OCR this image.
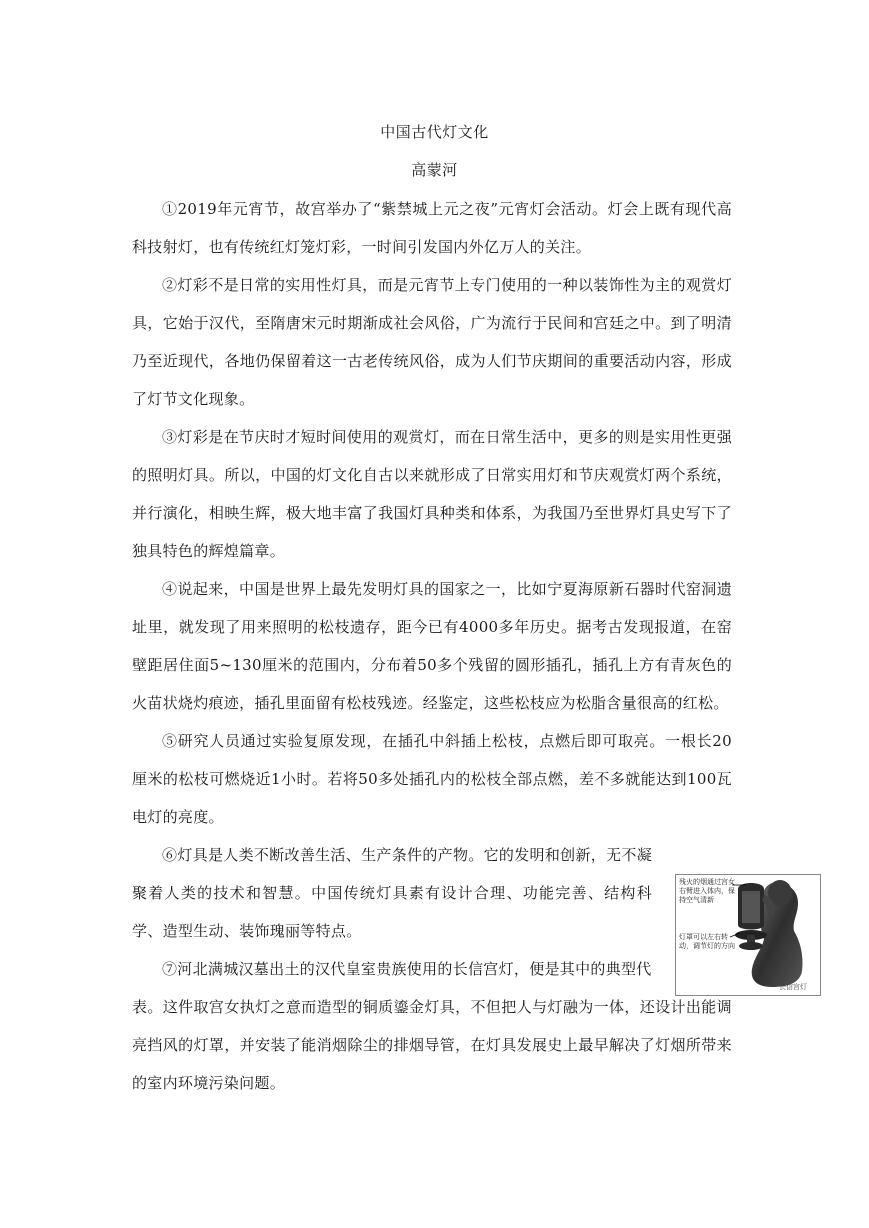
中国古代灯文化
高蒙河
①2019年元宵节，故宫举办了“紫禁城上元之夜”元宵灯会活动。灯会上既有现代高科技射灯，也有传统红灯笼灯彩，一时间引发国内外亿万人的关注。
②灯彩不是日常的实用性灯具，而是元宵节上专门使用的一种以装饰性为主的观赏灯具，它始于汉代，至隋唐宋元时期渐成社会风俗，广为流行于民间和宫廷之中。到了明清乃至近现代，各地仍保留着这一古老传统风俗，成为人们节庆期间的重要活动内容，形成了灯节文化现象。
③灯彩是在节庆时才短时间使用的观赏灯，而在日常生活中，更多的则是实用性更强的照明灯具。所以，中国的灯文化自古以来就形成了日常实用灯和节庆观赏灯两个系统，并行演化，相映生辉，极大地丰富了我国灯具种类和体系，为我国乃至世界灯具史写下了独具特色的辉煌篇章。
④说起来，中国是世界上最先发明灯具的国家之一，比如宁夏海原新石器时代窑洞遗址里，就发现了用来照明的松枝遗存，距今已有4000多年历史。据考古发现报道，在窑壁距居住面5~130厘米的范围内，分布着50多个残留的圆形插孔，插孔上方有青灰色的火苗状烧灼痕迹，插孔里面留有松枝残迹。经鉴定，这些松枝应为松脂含量很高的红松。
⑤研究人员通过实验复原发现，在插孔中斜插上松枝，点燃后即可取亮。一根长20厘米的松枝可燃烧近1小时。若将50多处插孔内的松枝全部点燃，差不多就能达到100瓦电灯的亮度。
⑥灯具是人类不断改善生活、生产条件的产物。它的发明和创新，无不凝聚着人类的技术和智慧。中国传统灯具素有设计合理、功能完善、结构科学、造型生动、装饰瑰丽等特点。
⑦河北满城汉墓出土的汉代皇室贵族使用的长信宫灯，便是其中的典型代
表。这件取宫女执灯之意而造型的铜质鎏金灯具，不但把人与灯融为一体，还设计出能调亮挡风的灯罩，并安装了能消烟除尘的排烟导管，在灯具发展史上最早解决了灯烟所带来的室内环境污染问题。
残火的烟通过宫女右臂进入体内，保持空气清新
灯罩可以左右转动，调节灯的方向
长信宫灯
